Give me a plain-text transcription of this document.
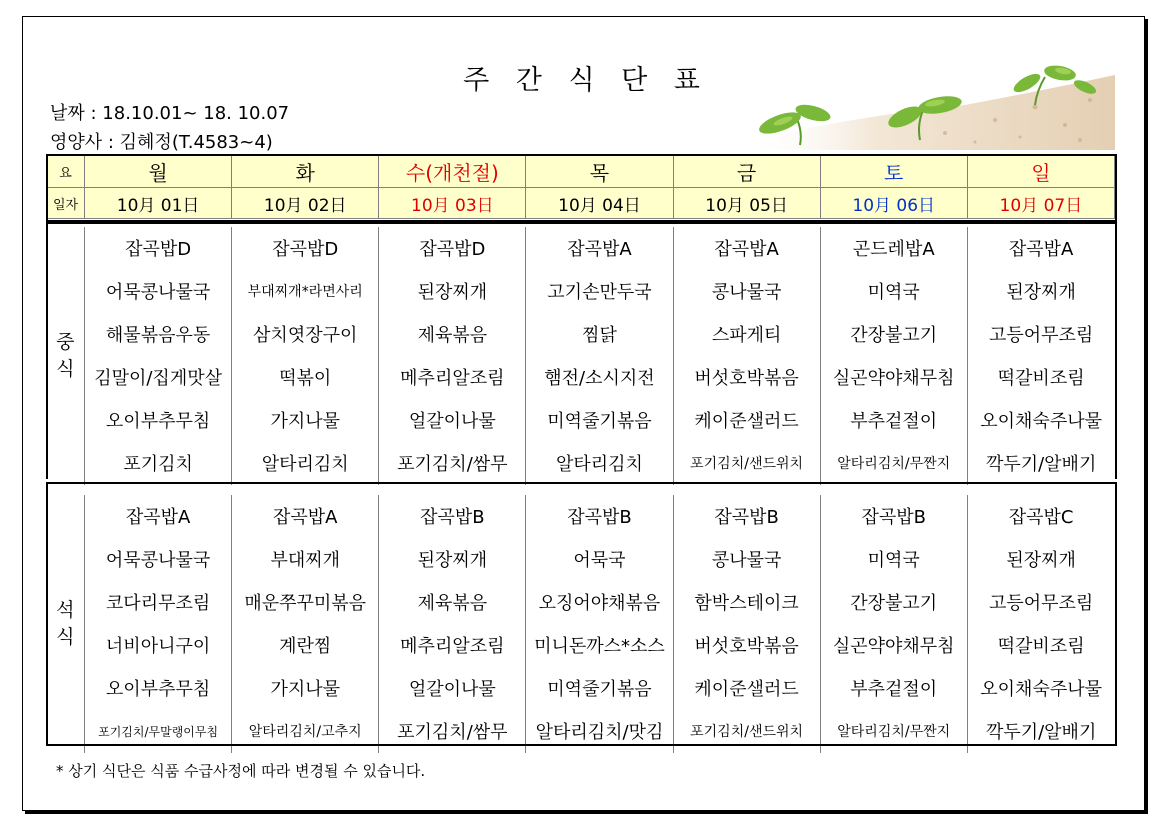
주 간 식 단 표
날짜 : 18.10.01~ 18. 10.07
영양사 : 김혜정(T.4583~4)
요	월	화	수(개천절)	목	금	토	일
일자	10月 01日	10月 02日	10月 03日	10月 04日	10月 05日	10月 06日	10月 07日

중
식	잡곡밥D	잡곡밥D	잡곡밥D	잡곡밥A	잡곡밥A	곤드레밥A	잡곡밥A
	어묵콩나물국	부대찌개*라면사리	된장찌개	고기손만두국	콩나물국	미역국	된장찌개
	해물볶음우동	삼치엿장구이	제육볶음	찜닭	스파게티	간장불고기	고등어무조림
	김말이/집게맛살	떡볶이	메추리알조림	햄전/소시지전	버섯호박볶음	실곤약야채무침	떡갈비조림
	오이부추무침	가지나물	얼갈이나물	미역줄기볶음	케이준샐러드	부추겉절이	오이채숙주나물
	포기김치	알타리김치	포기김치/쌈무	알타리김치	포기김치/샌드위치	알타리김치/무짠지	깍두기/알배기

석
식	잡곡밥A	잡곡밥A	잡곡밥B	잡곡밥B	잡곡밥B	잡곡밥B	잡곡밥C
	어묵콩나물국	부대찌개	된장찌개	어묵국	콩나물국	미역국	된장찌개
	코다리무조림	매운쭈꾸미볶음	제육볶음	오징어야채볶음	함박스테이크	간장불고기	고등어무조림
	너비아니구이	계란찜	메추리알조림	미니돈까스*소스	버섯호박볶음	실곤약야채무침	떡갈비조림
	오이부추무침	가지나물	얼갈이나물	미역줄기볶음	케이준샐러드	부추겉절이	오이채숙주나물
	포기김치/무말랭이무침	알타리김치/고추지	포기김치/쌈무	알타리김치/맛김	포기김치/샌드위치	알타리김치/무짠지	깍두기/알배기
* 상기 식단은 식품 수급사정에 따라 변경될 수 있습니다.
